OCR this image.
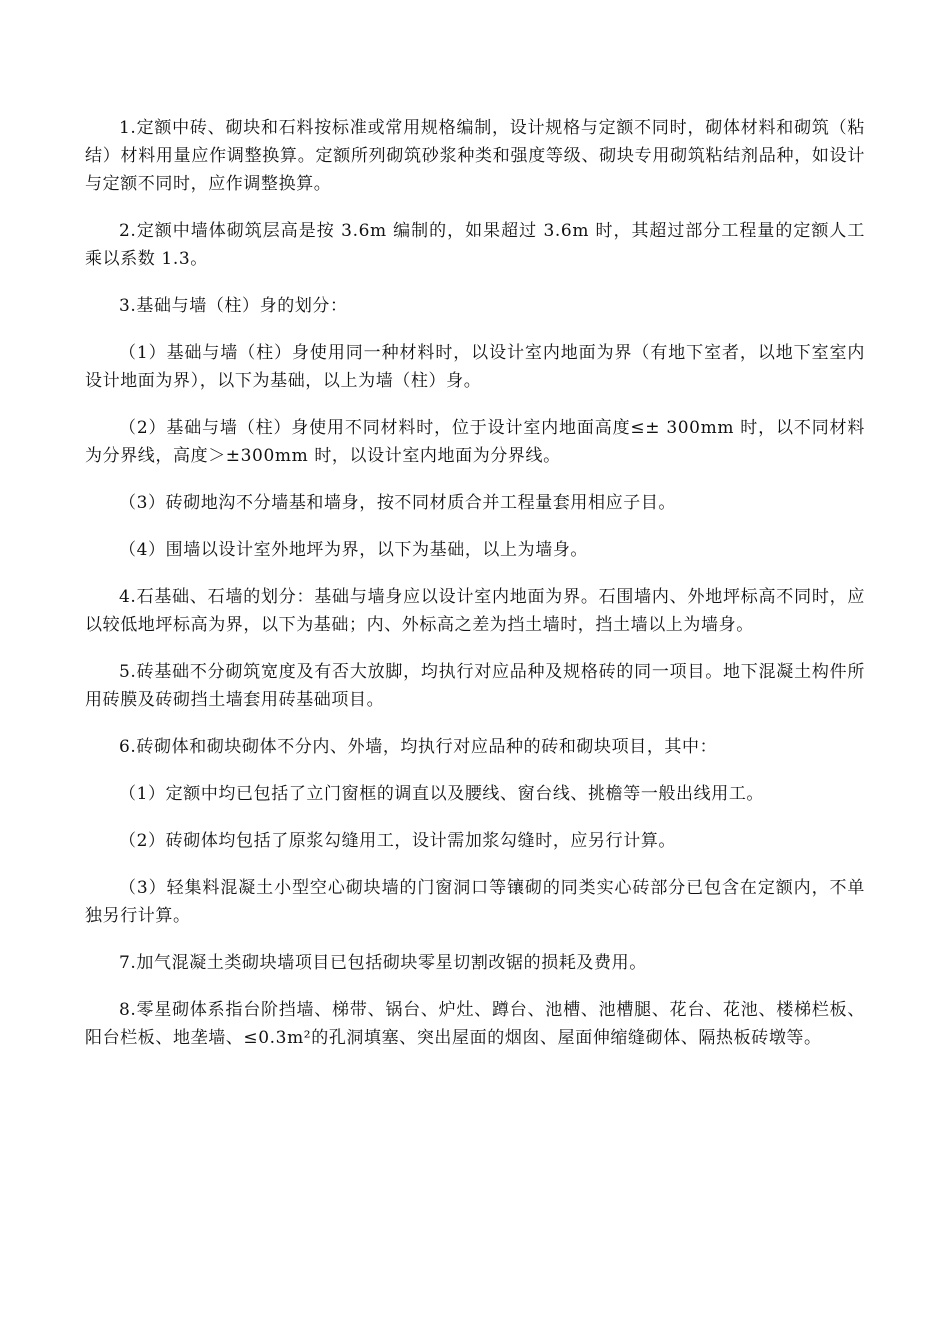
1.定额中砖、砌块和石料按标准或常用规格编制，设计规格与定额不同时，砌体材料和砌筑（粘结）材料用量应作调整换算。定额所列砌筑砂浆种类和强度等级、砌块专用砌筑粘结剂品种，如设计与定额不同时，应作调整换算。

2.定额中墙体砌筑层高是按 3.6m 编制的，如果超过 3.6m 时，其超过部分工程量的定额人工乘以系数 1.3。

3.基础与墙（柱）身的划分：

（1）基础与墙（柱）身使用同一种材料时，以设计室内地面为界（有地下室者，以地下室室内设计地面为界），以下为基础，以上为墙（柱）身。

（2）基础与墙（柱）身使用不同材料时，位于设计室内地面高度≤± 300mm 时，以不同材料为分界线，高度＞±300mm 时，以设计室内地面为分界线。

（3）砖砌地沟不分墙基和墙身，按不同材质合并工程量套用相应子目。

（4）围墙以设计室外地坪为界，以下为基础，以上为墙身。

4.石基础、石墙的划分：基础与墙身应以设计室内地面为界。石围墙内、外地坪标高不同时，应以较低地坪标高为界，以下为基础；内、外标高之差为挡土墙时，挡土墙以上为墙身。

5.砖基础不分砌筑宽度及有否大放脚，均执行对应品种及规格砖的同一项目。地下混凝土构件所用砖膜及砖砌挡土墙套用砖基础项目。

6.砖砌体和砌块砌体不分内、外墙，均执行对应品种的砖和砌块项目，其中：

（1）定额中均已包括了立门窗框的调直以及腰线、窗台线、挑檐等一般出线用工。

（2）砖砌体均包括了原浆勾缝用工，设计需加浆勾缝时，应另行计算。

（3）轻集料混凝土小型空心砌块墙的门窗洞口等镶砌的同类实心砖部分已包含在定额内，不单独另行计算。

7.加气混凝土类砌块墙项目已包括砌块零星切割改锯的损耗及费用。

8.零星砌体系指台阶挡墙、梯带、锅台、炉灶、蹲台、池槽、池槽腿、花台、花池、楼梯栏板、阳台栏板、地垄墙、≤0.3m²的孔洞填塞、突出屋面的烟囱、屋面伸缩缝砌体、隔热板砖墩等。
